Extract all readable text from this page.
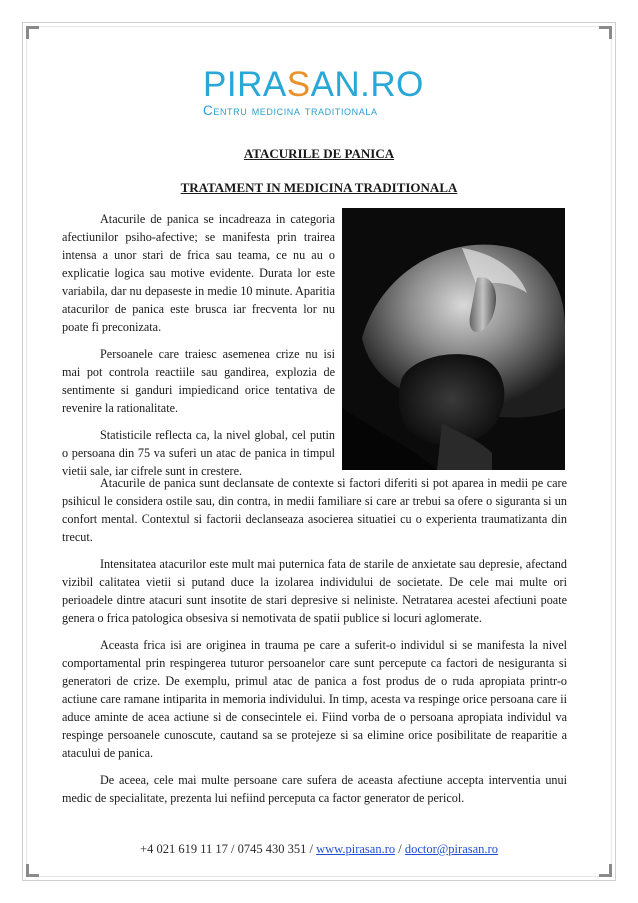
PIRASAN.RO
Centru medicina traditionala
ATACURILE DE PANICA
TRATAMENT IN MEDICINA TRADITIONALA

Atacurile de panica se incadreaza in categoria afectiunilor psiho-afective; se manifesta prin trairea intensa a unor stari de frica sau teama, ce nu au o explicatie logica sau motive evidente. Durata lor este variabila, dar nu depaseste in medie 10 minute. Aparitia atacurilor de panica este brusca iar frecventa lor nu poate fi preconizata.

Persoanele care traiesc asemenea crize nu isi mai pot controla reactiile sau gandirea, explozia de sentimente si ganduri impiedicand orice tentativa de revenire la rationalitate.

Statisticile reflecta ca, la nivel global, cel putin o persoana din 75 va suferi un atac de panica in timpul vietii sale, iar cifrele sunt in crestere.

Atacurile de panica sunt declansate de contexte si factori diferiti si pot aparea in medii pe care psihicul le considera ostile sau, din contra, in medii familiare si care ar trebui sa ofere o siguranta si un confort mental. Contextul si factorii declanseaza asocierea situatiei cu o experienta traumatizanta din trecut.

Intensitatea atacurilor este mult mai puternica fata de starile de anxietate sau depresie, afectand vizibil calitatea vietii si putand duce la izolarea individului de societate. De cele mai multe ori perioadele dintre atacuri sunt insotite de stari depresive si neliniste. Netratarea acestei afectiuni poate genera o frica patologica obsesiva si nemotivata de spatii publice si locuri aglomerate.

Aceasta frica isi are originea in trauma pe care a suferit-o individul si se manifesta la nivel comportamental prin respingerea tuturor persoanelor care sunt percepute ca factori de nesiguranta si generatori de crize. De exemplu, primul atac de panica a fost produs de o ruda apropiata printr-o actiune care ramane intiparita in memoria individului. In timp, acesta va respinge orice persoana care ii aduce aminte de acea actiune si de consecintele ei. Fiind vorba de o persoana apropiata individul va respinge persoanele cunoscute, cautand sa se protejeze si sa elimine orice posibilitate de reaparitie a atacului de panica.

De aceea, cele mai multe persoane care sufera de aceasta afectiune accepta interventia unui medic de specialitate, prezenta lui nefiind perceputa ca factor generator de pericol.

+4 021 619 11 17 / 0745 430 351 / www.pirasan.ro / doctor@pirasan.ro
